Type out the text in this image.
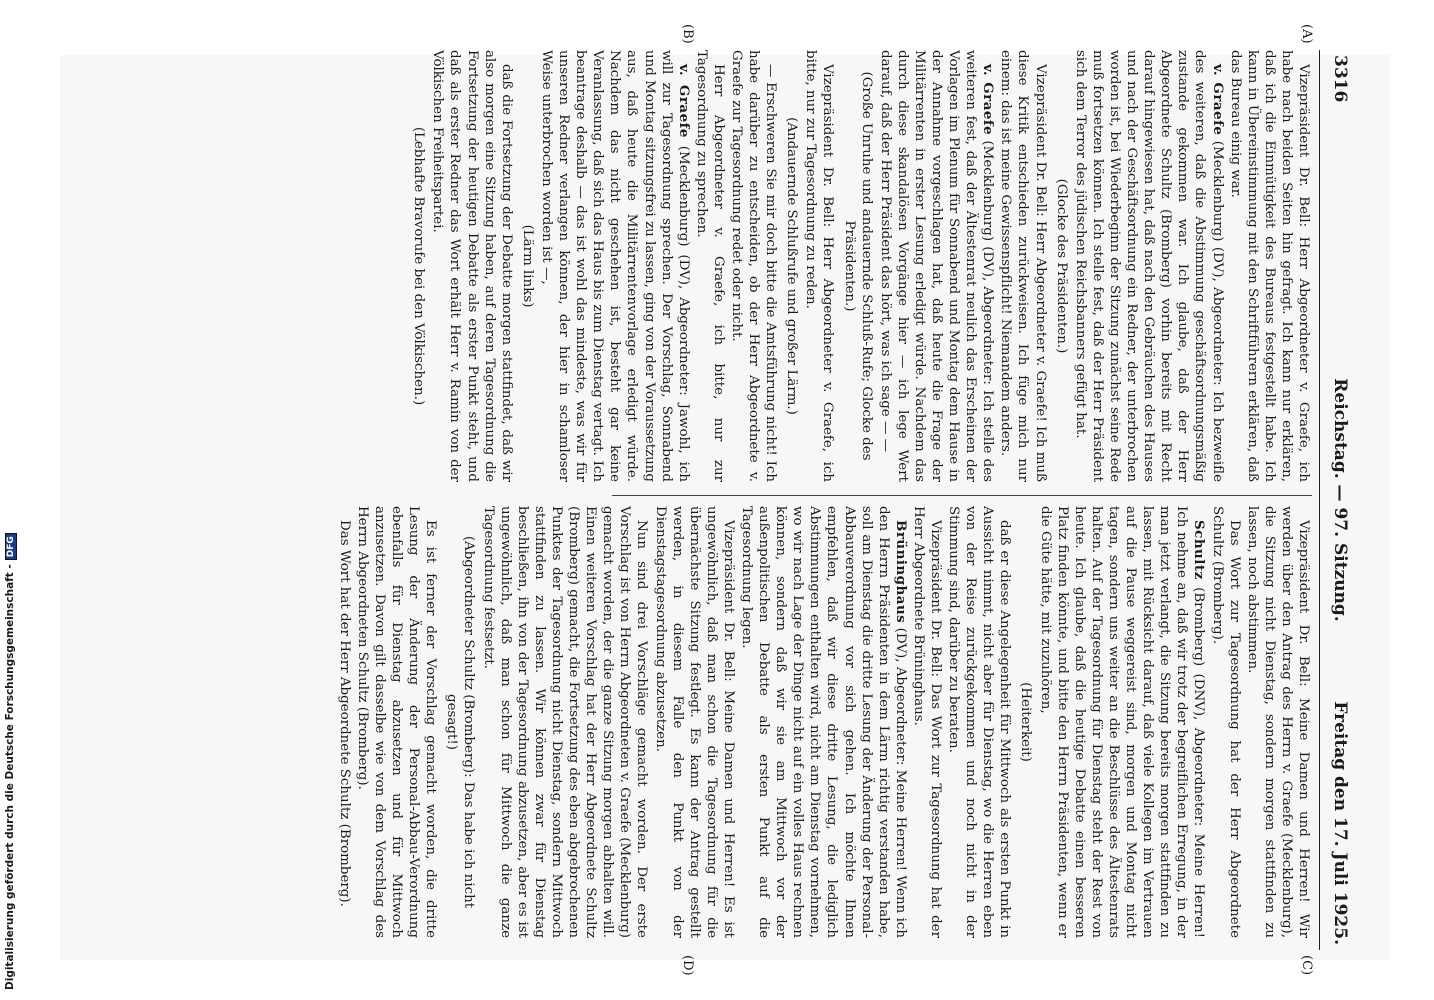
3316
Reichstag. — 97. Sitzung.
Freitag den 17. Juli 1925.

Vizepräsident Dr. Bell: Herr Abgeordneter v. Graefe, ich habe nach beiden Seiten hin gefragt. Ich kann nur erklären, daß ich die Einmütigkeit des Bureaus festgestellt habe. Ich kann in Übereinstimmung mit den Schriftführern erklären, daß das Bureau einig war.

v. Graefe (Mecklenburg) (DV), Abgeordneter: Ich bezweifle des weiteren, daß die Abstimmung geschäftsordnungsmäßig zustande gekommen war. Ich glaube, daß der Herr Abgeordnete Schultz (Bromberg) vorhin bereits mit Recht darauf hingewiesen hat, daß nach den Gebräuchen des Hauses und nach der Geschäftsordnung ein Redner, der unterbrochen worden ist, bei Wiederbeginn der Sitzung zunächst seine Rede muß fortsetzen können. Ich stelle fest, daß der Herr Präsident sich dem Terror des jüdischen Reichsbanners gefügt hat.

(Glocke des Präsidenten.)

Vizepräsident Dr. Bell: Herr Abgeordneter v. Graefe! Ich muß diese Kritik entschieden zurückweisen. Ich füge mich nur einem: das ist meine Gewissenspflicht! Niemandem anders.

v. Graefe (Mecklenburg) (DV), Abgeordneter: Ich stelle des weiteren fest, daß der Ältestenrat neulich das Erscheinen der Vorlagen im Plenum für Sonnabend und Montag dem Hause in der Annahme vorgeschlagen hat, daß heute die Frage der Militärrenten in erster Lesung erledigt würde. Nachdem das durch diese skandalösen Vorgänge hier — ich lege Wert darauf, daß der Herr Präsident das hört, was ich sage — —

(Große Unruhe und andauernde Schluß-Rufe; Glocke des Präsidenten.)

Vizepräsident Dr. Bell: Herr Abgeordneter v. Graefe, ich bitte, nur zur Tagesordnung zu reden.

(Andauernde Schlußrufe und großer Lärm.)

— Erschweren Sie mir doch bitte die Amtsführung nicht! Ich habe darüber zu entscheiden, ob der Herr Abgeordnete v. Graefe zur Tagesordnung redet oder nicht.

Herr Abgeordneter v. Graefe, ich bitte, nur zur Tagesordnung zu sprechen.

v. Graefe (Mecklenburg) (DV), Abgeordneter: Jawohl, ich will zur Tagesordnung sprechen. Der Vorschlag, Sonnabend und Montag sitzungsfrei zu lassen, ging von der Voraussetzung aus, daß heute die Militärrentenvorlage erledigt würde. Nachdem das nicht geschehen ist, besteht gar keine Veranlassung, daß sich das Haus bis zum Dienstag vertagt. Ich beantrage deshalb — das ist wohl das mindeste, was wir für unseren Redner verlangen können, der hier in schamloser Weise unterbrochen worden ist —,

(Lärm links)

daß die Fortsetzung der Debatte morgen stattfindet, daß wir also morgen eine Sitzung haben, auf deren Tagesordnung die Fortsetzung der heutigen Debatte als erster Punkt steht, und daß als erster Redner das Wort erhält Herr v. Ramin von der Völkischen Freiheitspartei.

(Lebhafte Bravorufe bei den Völkischen.)

Vizepräsident Dr. Bell: Meine Damen und Herren! Wir werden über den Antrag des Herrn v. Graefe (Mecklenburg), die Sitzung nicht Dienstag, sondern morgen stattfinden zu lassen, noch abstimmen.

Das Wort zur Tagesordnung hat der Herr Abgeordnete Schultz (Bromberg).

Schultz (Bromberg) (DNV), Abgeordneter: Meine Herren! Ich nehme an, daß wir trotz der begreiflichen Erregung, in der man jetzt verlangt, die Sitzung bereits morgen stattfinden zu lassen, mit Rücksicht darauf, daß viele Kollegen im Vertrauen auf die Pause weggereist sind, morgen und Montag nicht tagen, sondern uns weiter an die Beschlüsse des Ältestenrats halten. Auf der Tagesordnung für Dienstag steht der Rest von heute. Ich glaube, daß die heutige Debatte einen besseren Platz finden könnte, und bitte den Herrn Präsidenten, wenn er die Güte hätte, mit zuzuhören,

(Heiterkeit)

daß er diese Angelegenheit für Mittwoch als ersten Punkt in Aussicht nimmt, nicht aber für Dienstag, wo die Herren eben von der Reise zurückgekommen und noch nicht in der Stimmung sind, darüber zu beraten.

Vizepräsident Dr. Bell: Das Wort zur Tagesordnung hat der Herr Abgeordnete Brüninghaus.

Brüninghaus (DV), Abgeordneter: Meine Herren! Wenn ich den Herrn Präsidenten in dem Lärm richtig verstanden habe, soll am Dienstag die dritte Lesung der Änderung der Personal-Abbauverordnung vor sich gehen. Ich möchte Ihnen empfehlen, daß wir diese dritte Lesung, die lediglich Abstimmungen enthalten wird, nicht am Dienstag vornehmen, wo wir nach Lage der Dinge nicht auf ein volles Haus rechnen können, sondern daß wir sie am Mittwoch vor der außenpolitischen Debatte als ersten Punkt auf die Tagesordnung legen.

Vizepräsident Dr. Bell: Meine Damen und Herren! Es ist ungewöhnlich, daß man schon die Tagesordnung für die übernächste Sitzung festlegt. Es kann der Antrag gestellt werden, in diesem Falle den Punkt von der Dienstagstagesordnung abzusetzen.

Nun sind drei Vorschläge gemacht worden. Der erste Vorschlag ist von Herrn Abgeordneten v. Graefe (Mecklenburg) gemacht worden, der die ganze Sitzung morgen abhalten will. Einen weiteren Vorschlag hat der Herr Abgeordnete Schultz (Bromberg) gemacht, die Fortsetzung des eben abgebrochenen Punktes der Tagesordnung nicht Dienstag, sondern Mittwoch stattfinden zu lassen. Wir können zwar für Dienstag beschließen, ihn von der Tagesordnung abzusetzen, aber es ist ungewöhnlich, daß man schon für Mittwoch die ganze Tagesordnung festsetzt.

(Abgeordneter Schultz (Bromberg): Das habe ich nicht gesagt!)

Es ist ferner der Vorschlag gemacht worden, die dritte Lesung der Änderung der Personal-Abbau-Verordnung ebenfalls für Dienstag abzusetzen und für Mittwoch anzusetzen. Davon gilt dasselbe wie von dem Vorschlag des Herrn Abgeordneten Schultz (Bromberg).

Das Wort hat der Herr Abgeordnete Schultz (Bromberg).

(A)
(B)
(C)
(D)
Digitalisierung gefördert durch die Deutsche Forschungsgemeinschaft -DFG
